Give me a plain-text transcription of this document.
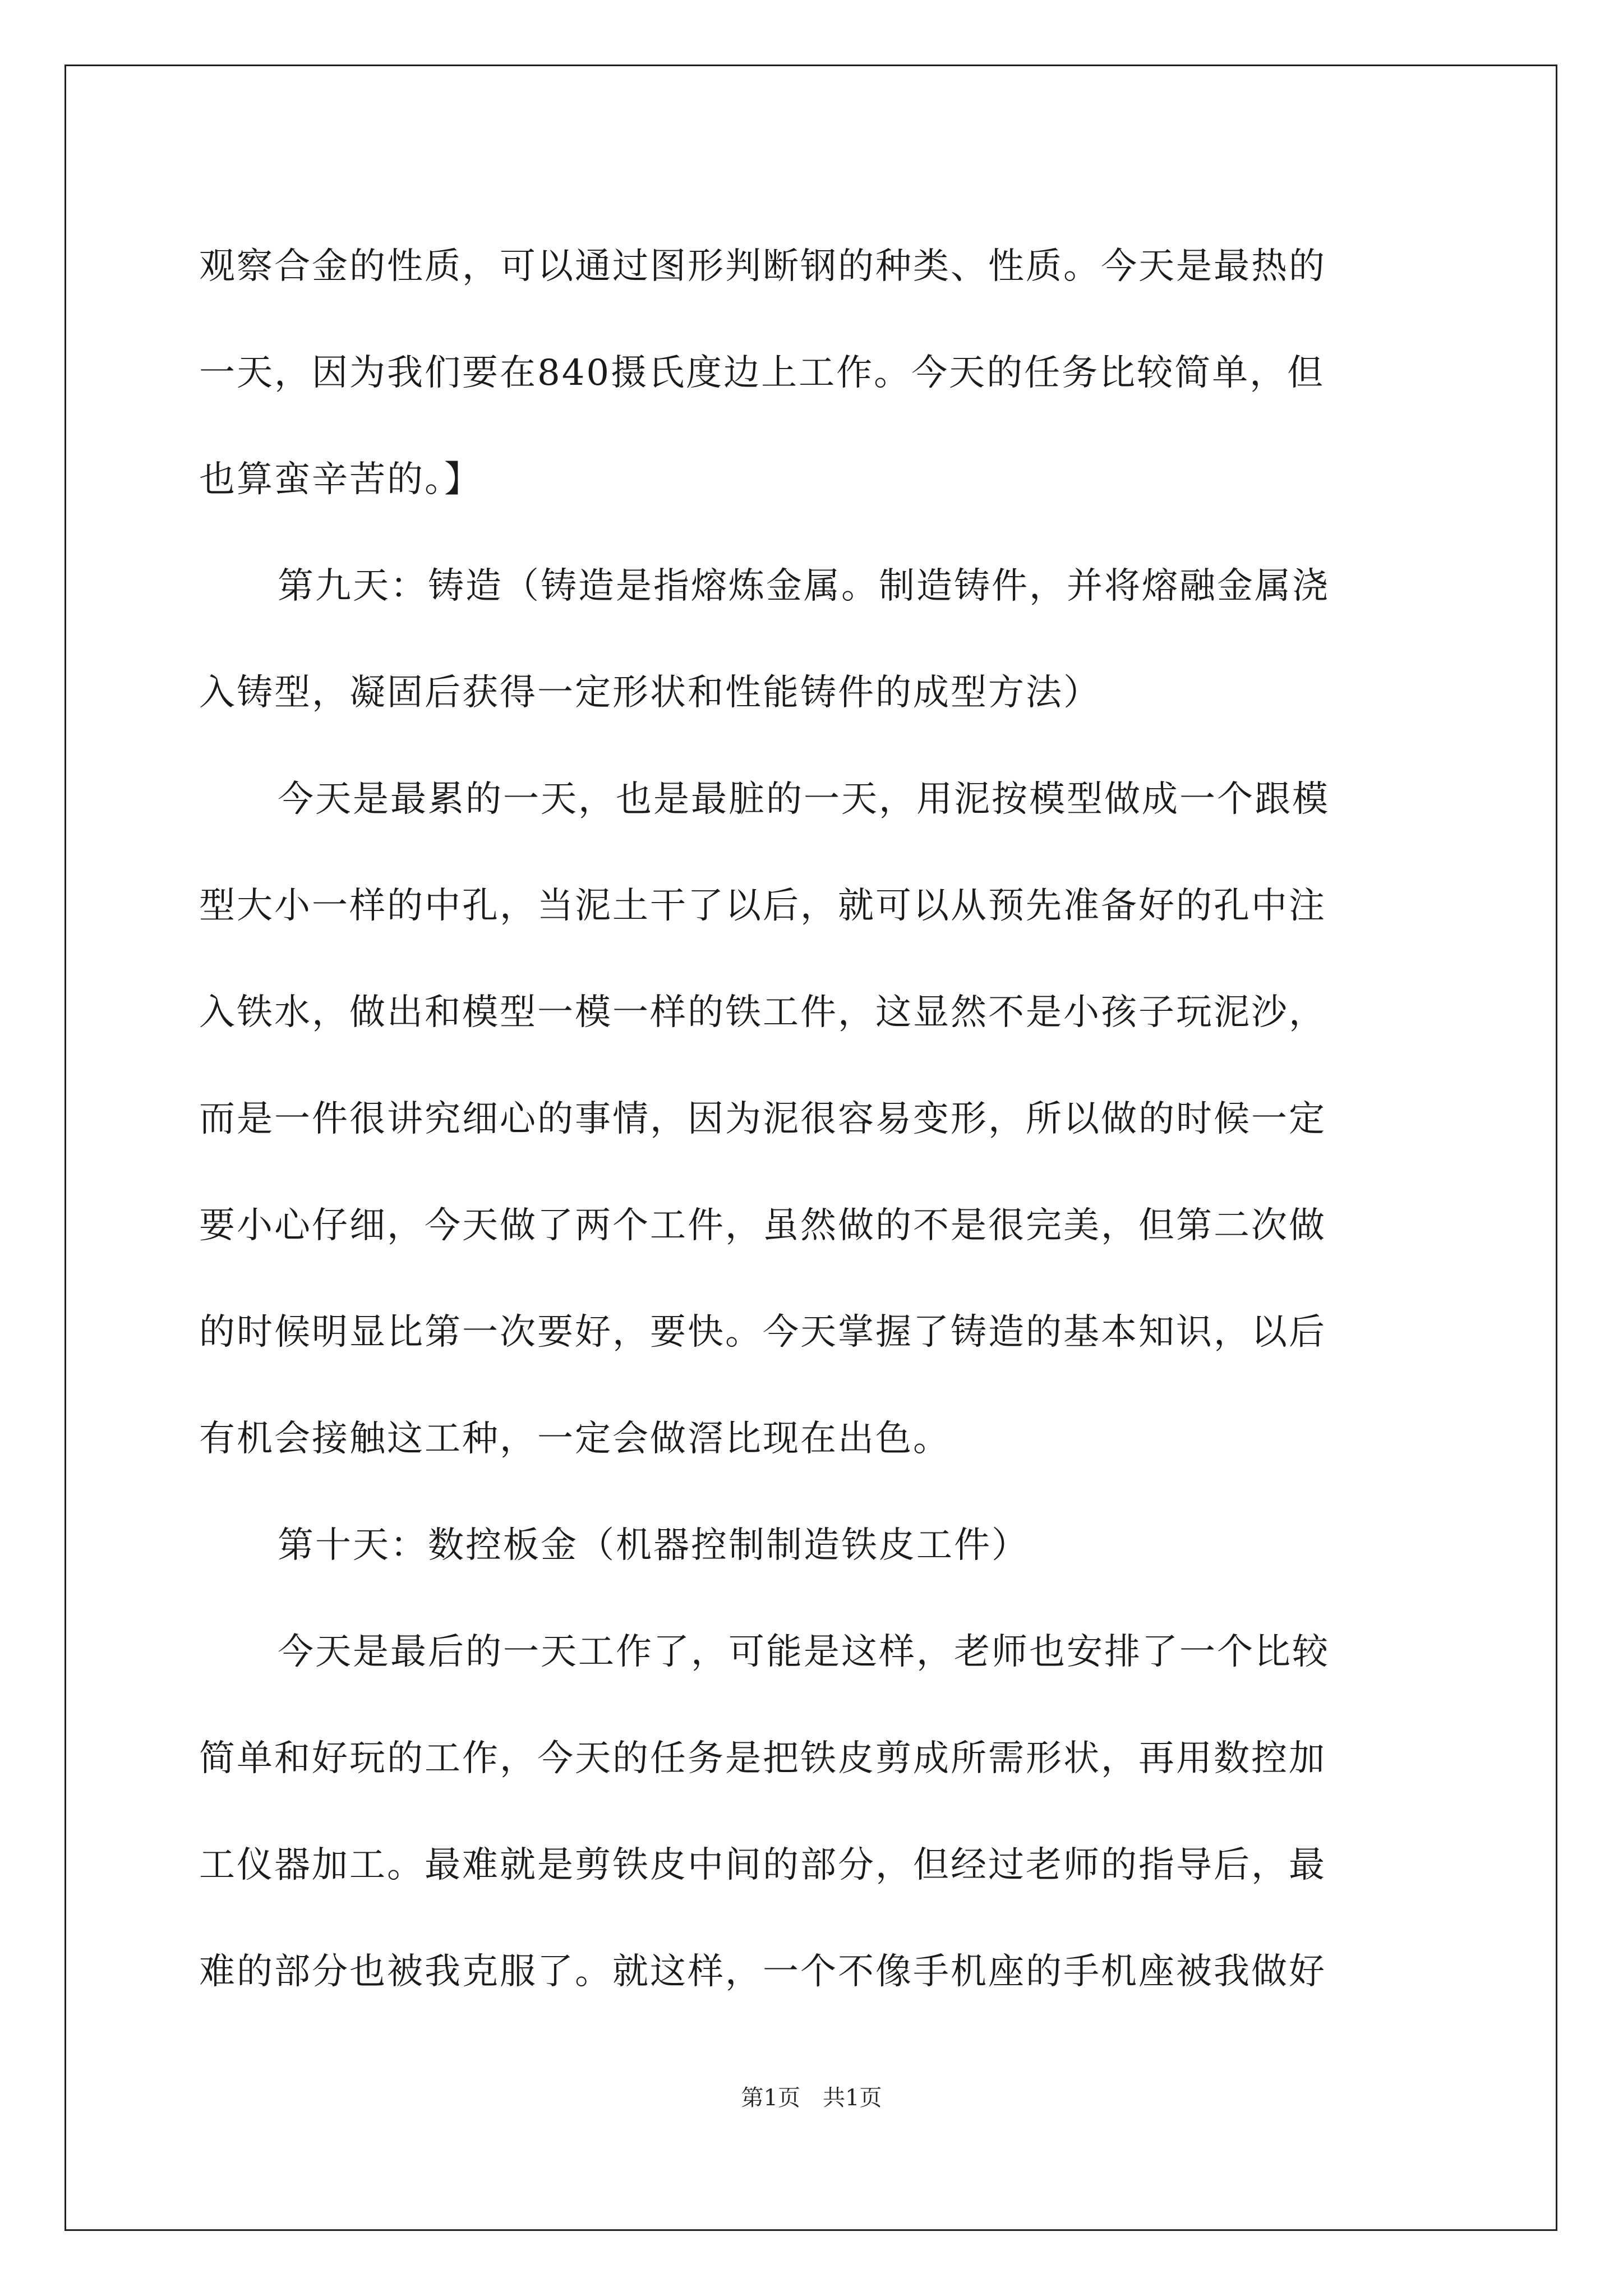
观察合金的性质，可以通过图形判断钢的种类、性质。今天是最热的
一天，因为我们要在840摄氏度边上工作。今天的任务比较简单，但
也算蛮辛苦的。】
第九天：铸造（铸造是指熔炼金属。制造铸件，并将熔融金属浇
入铸型，凝固后获得一定形状和性能铸件的成型方法）
今天是最累的一天，也是最脏的一天，用泥按模型做成一个跟模
型大小一样的中孔，当泥土干了以后，就可以从预先准备好的孔中注
入铁水，做出和模型一模一样的铁工件，这显然不是小孩子玩泥沙，
而是一件很讲究细心的事情，因为泥很容易变形，所以做的时候一定
要小心仔细，今天做了两个工件，虽然做的不是很完美，但第二次做
的时候明显比第一次要好，要快。今天掌握了铸造的基本知识，以后
有机会接触这工种，一定会做滘比现在出色。
第十天：数控板金（机器控制制造铁皮工件）
今天是最后的一天工作了，可能是这样，老师也安排了一个比较
简单和好玩的工作，今天的任务是把铁皮剪成所需形状，再用数控加
工仪器加工。最难就是剪铁皮中间的部分，但经过老师的指导后，最
难的部分也被我克服了。就这样，一个不像手机座的手机座被我做好
第1页 共1页
